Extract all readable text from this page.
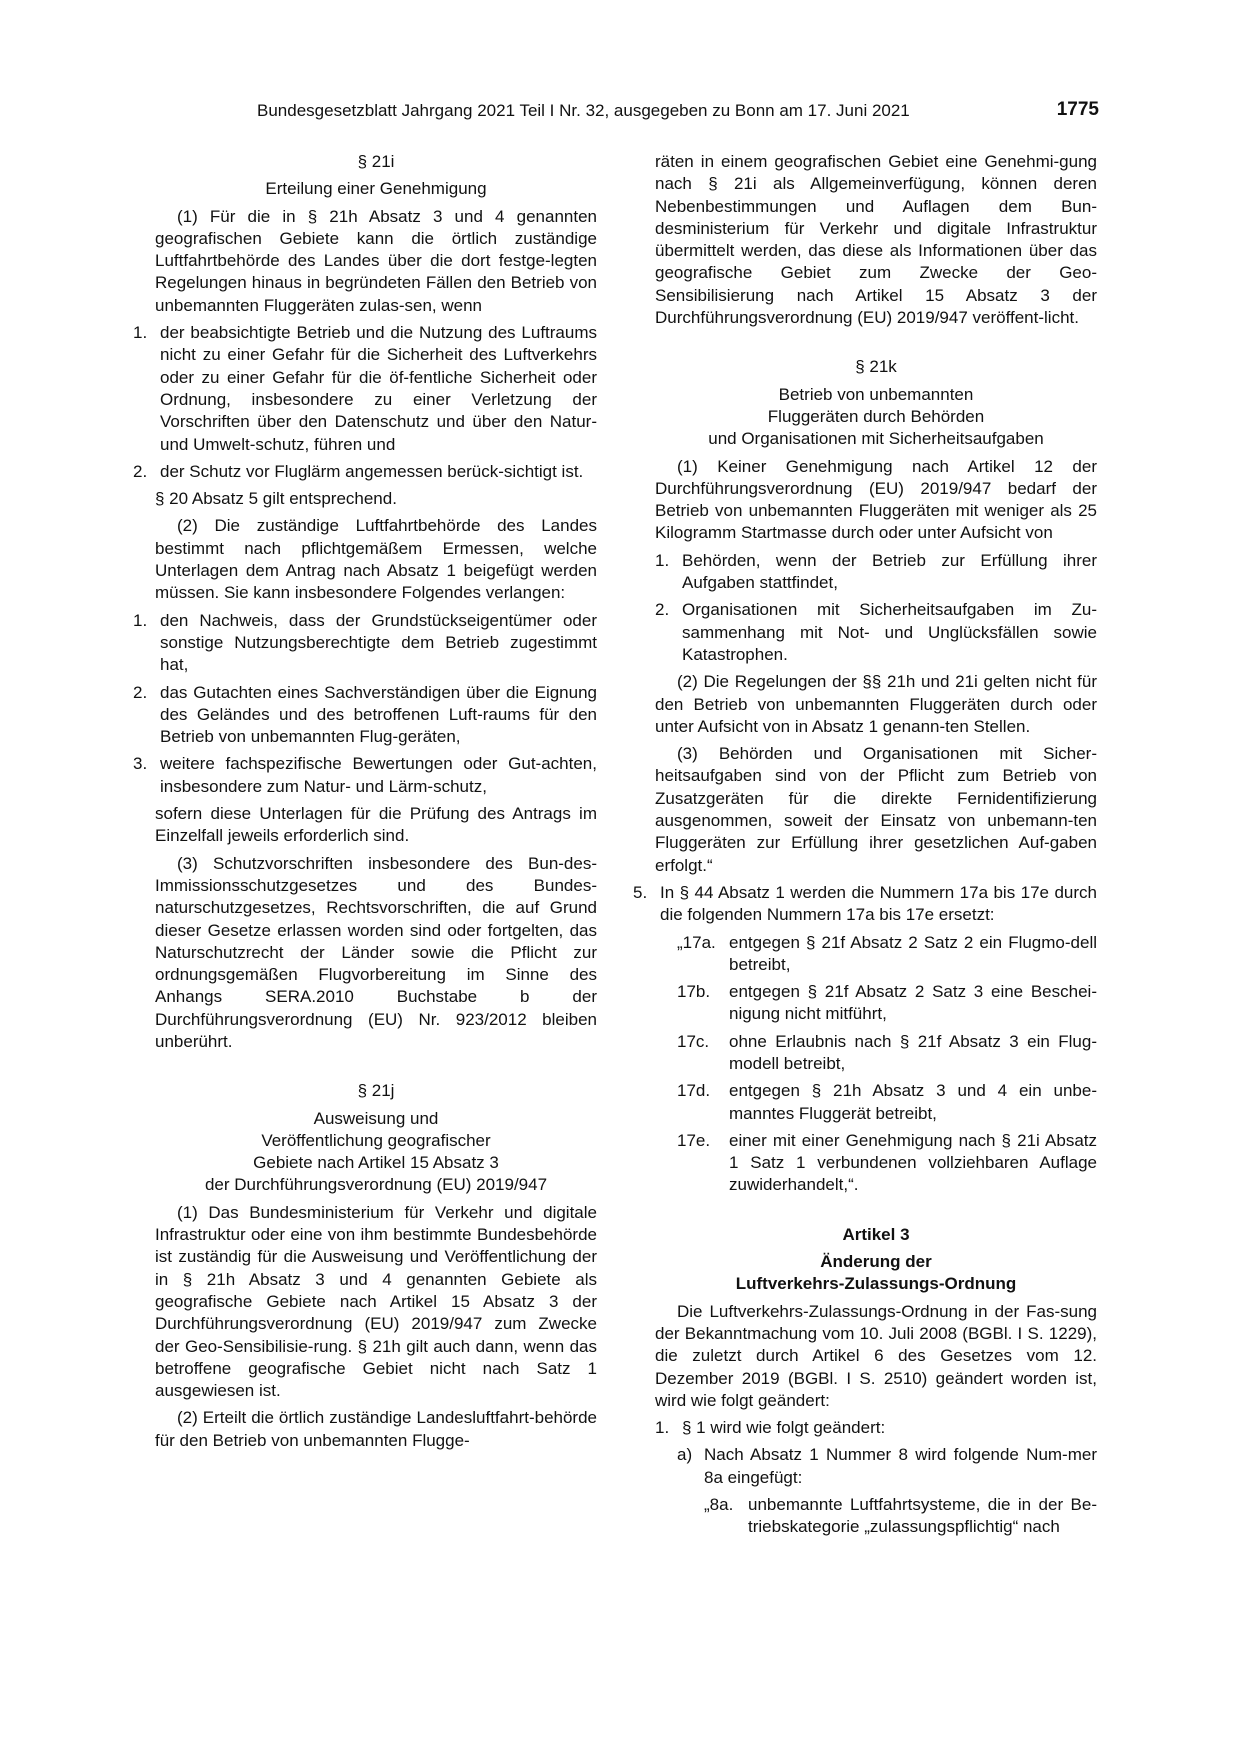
Bundesgesetzblatt Jahrgang 2021 Teil I Nr. 32, ausgegeben zu Bonn am 17. Juni 2021	1775
§ 21i
Erteilung einer Genehmigung

(1) Für die in § 21h Absatz 3 und 4 genannten geografischen Gebiete kann die örtlich zuständige Luftfahrtbehörde des Landes über die dort festge-legten Regelungen hinaus in begründeten Fällen den Betrieb von unbemannten Fluggeräten zulas-sen, wenn

1. der beabsichtigte Betrieb und die Nutzung des Luftraums nicht zu einer Gefahr für die Sicherheit des Luftverkehrs oder zu einer Gefahr für die öf-fentliche Sicherheit oder Ordnung, insbesondere zu einer Verletzung der Vorschriften über den Datenschutz und über den Natur- und Umwelt-schutz, führen und
2. der Schutz vor Fluglärm angemessen berück-sichtigt ist.

§ 20 Absatz 5 gilt entsprechend.

(2) Die zuständige Luftfahrtbehörde des Landes bestimmt nach pflichtgemäßem Ermessen, welche Unterlagen dem Antrag nach Absatz 1 beigefügt werden müssen. Sie kann insbesondere Folgendes verlangen:

1. den Nachweis, dass der Grundstückseigentümer oder sonstige Nutzungsberechtigte dem Betrieb zugestimmt hat,
2. das Gutachten eines Sachverständigen über die Eignung des Geländes und des betroffenen Luft-raums für den Betrieb von unbemannten Flug-geräten,
3. weitere fachspezifische Bewertungen oder Gut-achten, insbesondere zum Natur- und Lärm-schutz,

sofern diese Unterlagen für die Prüfung des Antrags im Einzelfall jeweils erforderlich sind.

(3) Schutzvorschriften insbesondere des Bun-des-Immissionsschutzgesetzes und des Bundes-naturschutzgesetzes, Rechtsvorschriften, die auf Grund dieser Gesetze erlassen worden sind oder fortgelten, das Naturschutzrecht der Länder sowie die Pflicht zur ordnungsgemäßen Flugvorbereitung im Sinne des Anhangs SERA.2010 Buchstabe b der Durchführungsverordnung (EU) Nr. 923/2012 bleiben unberührt.

§ 21j
Ausweisung und
Veröffentlichung geografischer
Gebiete nach Artikel 15 Absatz 3
der Durchführungsverordnung (EU) 2019/947

(1) Das Bundesministerium für Verkehr und digitale Infrastruktur oder eine von ihm bestimmte Bundesbehörde ist zuständig für die Ausweisung und Veröffentlichung der in § 21h Absatz 3 und 4 genannten Gebiete als geografische Gebiete nach Artikel 15 Absatz 3 der Durchführungsverordnung (EU) 2019/947 zum Zwecke der Geo-Sensibilisie-rung. § 21h gilt auch dann, wenn das betroffene geografische Gebiet nicht nach Satz 1 ausgewiesen ist.

(2) Erteilt die örtlich zuständige Landesluftfahrt-behörde für den Betrieb von unbemannten Flugge-

räten in einem geografischen Gebiet eine Genehmi-gung nach § 21i als Allgemeinverfügung, können deren Nebenbestimmungen und Auflagen dem Bun-desministerium für Verkehr und digitale Infrastruktur übermittelt werden, das diese als Informationen über das geografische Gebiet zum Zwecke der Geo-Sensibilisierung nach Artikel 15 Absatz 3 der Durchführungsverordnung (EU) 2019/947 veröffent-licht.

§ 21k
Betrieb von unbemannten
Fluggeräten durch Behörden
und Organisationen mit Sicherheitsaufgaben

(1) Keiner Genehmigung nach Artikel 12 der Durchführungsverordnung (EU) 2019/947 bedarf der Betrieb von unbemannten Fluggeräten mit weniger als 25 Kilogramm Startmasse durch oder unter Aufsicht von

1. Behörden, wenn der Betrieb zur Erfüllung ihrer Aufgaben stattfindet,
2. Organisationen mit Sicherheitsaufgaben im Zu-sammenhang mit Not- und Unglücksfällen sowie Katastrophen.

(2) Die Regelungen der §§ 21h und 21i gelten nicht für den Betrieb von unbemannten Fluggeräten durch oder unter Aufsicht von in Absatz 1 genann-ten Stellen.

(3) Behörden und Organisationen mit Sicher-heitsaufgaben sind von der Pflicht zum Betrieb von Zusatzgeräten für die direkte Fernidentifizierung ausgenommen, soweit der Einsatz von unbemann-ten Fluggeräten zur Erfüllung ihrer gesetzlichen Auf-gaben erfolgt.“

5. In § 44 Absatz 1 werden die Nummern 17a bis 17e durch die folgenden Nummern 17a bis 17e ersetzt:
„17a. entgegen § 21f Absatz 2 Satz 2 ein Flugmo-dell betreibt,
17b.	entgegen § 21f Absatz 2 Satz 3 eine Beschei-nigung nicht mitführt,
17c.	ohne Erlaubnis nach § 21f Absatz 3 ein Flug-modell betreibt,
17d.	entgegen § 21h Absatz 3 und 4 ein unbe-manntes Fluggerät betreibt,
17e.	einer mit einer Genehmigung nach § 21i Absatz 1 Satz 1 verbundenen vollziehbaren Auflage zuwiderhandelt,“.
Artikel 3
Änderung der
Luftverkehrs-Zulassungs-Ordnung

Die Luftverkehrs-Zulassungs-Ordnung in der Fas-sung der Bekanntmachung vom 10. Juli 2008 (BGBl. I S. 1229), die zuletzt durch Artikel 6 des Gesetzes vom 12. Dezember 2019 (BGBl. I S. 2510) geändert worden ist, wird wie folgt geändert:

1. § 1 wird wie folgt geändert:
a) Nach Absatz 1 Nummer 8 wird folgende Num-mer 8a eingefügt:
„8a. unbemannte Luftfahrtsysteme, die in der Be-triebskategorie „zulassungspflichtig“ nach
